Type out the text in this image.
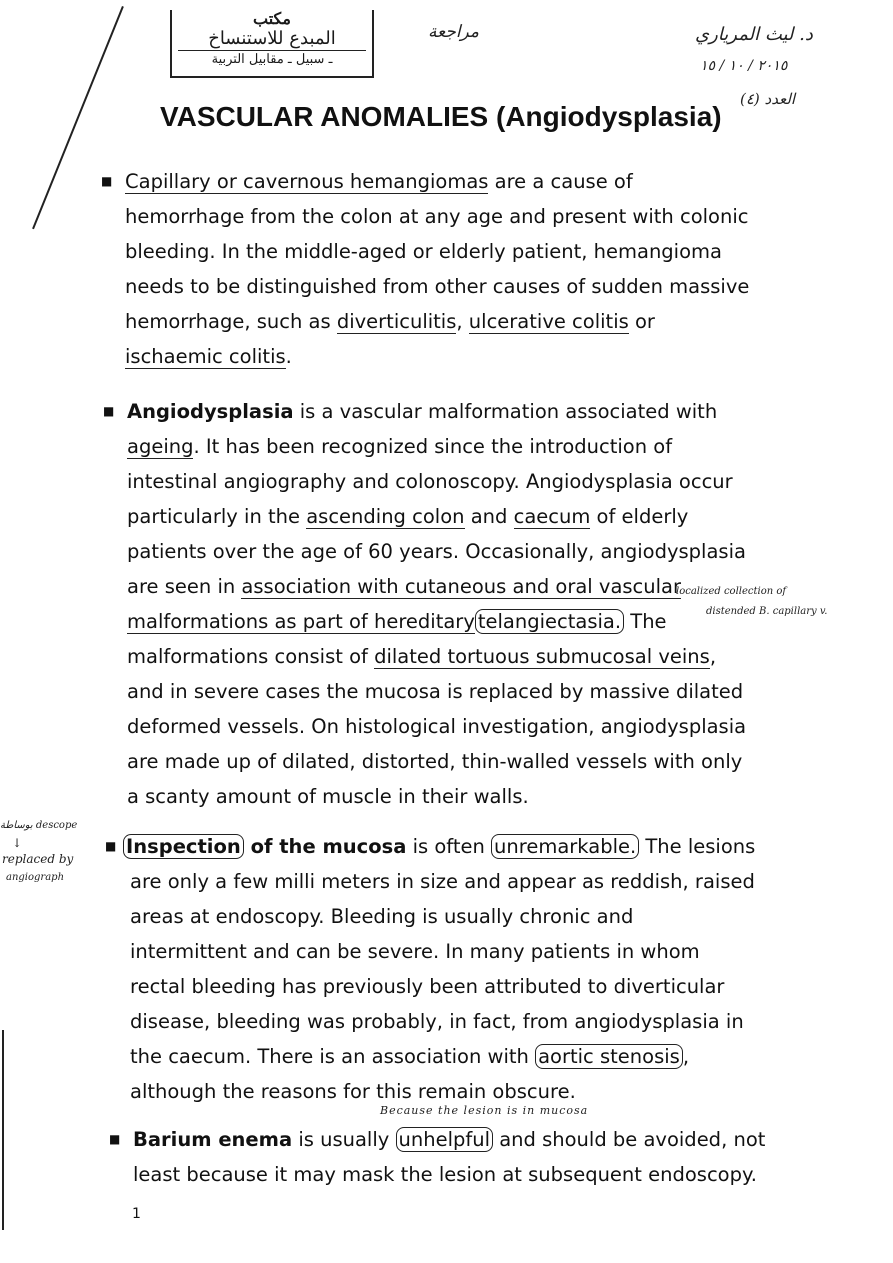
مكتب
المبدع للاستنساخ
ـ سبيل ـ مقابيل التربية
مراجعة	د. ليث المرياري
٢٠١٥ / ١٠ / ١٥
العدد (٤)
localized collection of
distended B. capillary v.
بوساطة descope
↓
replaced by
angiograph
Because the lesion is in mucosa
VASCULAR ANOMALIES (Angiodysplasia)
■ Capillary or cavernous hemangiomas are a cause of
hemorrhage from the colon at any age and present with colonic
bleeding. In the middle-aged or elderly patient, hemangioma
needs to be distinguished from other causes of sudden massive
hemorrhage, such as diverticulitis, ulcerative colitis or
ischaemic colitis.
■ Angiodysplasia is a vascular malformation associated with
ageing. It has been recognized since the introduction of
intestinal angiography and colonoscopy. Angiodysplasia occur
particularly in the ascending colon and caecum of elderly
patients over the age of 60 years. Occasionally, angiodysplasia
are seen in association with cutaneous and oral vascular
malformations as part of hereditary telangiectasia. The
malformations consist of dilated tortuous submucosal veins,
and in severe cases the mucosa is replaced by massive dilated
deformed vessels. On histological investigation, angiodysplasia
are made up of dilated, distorted, thin-walled vessels with only
a scanty amount of muscle in their walls.
■ Inspection of the mucosa is often unremarkable. The lesions
are only a few milli meters in size and appear as reddish, raised
areas at endoscopy. Bleeding is usually chronic and
intermittent and can be severe. In many patients in whom
rectal bleeding has previously been attributed to diverticular
disease, bleeding was probably, in fact, from angiodysplasia in
the caecum. There is an association with aortic stenosis ,
although the reasons for this remain obscure.
■ Barium enema is usually unhelpful and should be avoided, not
least because it may mask the lesion at subsequent endoscopy.
1
